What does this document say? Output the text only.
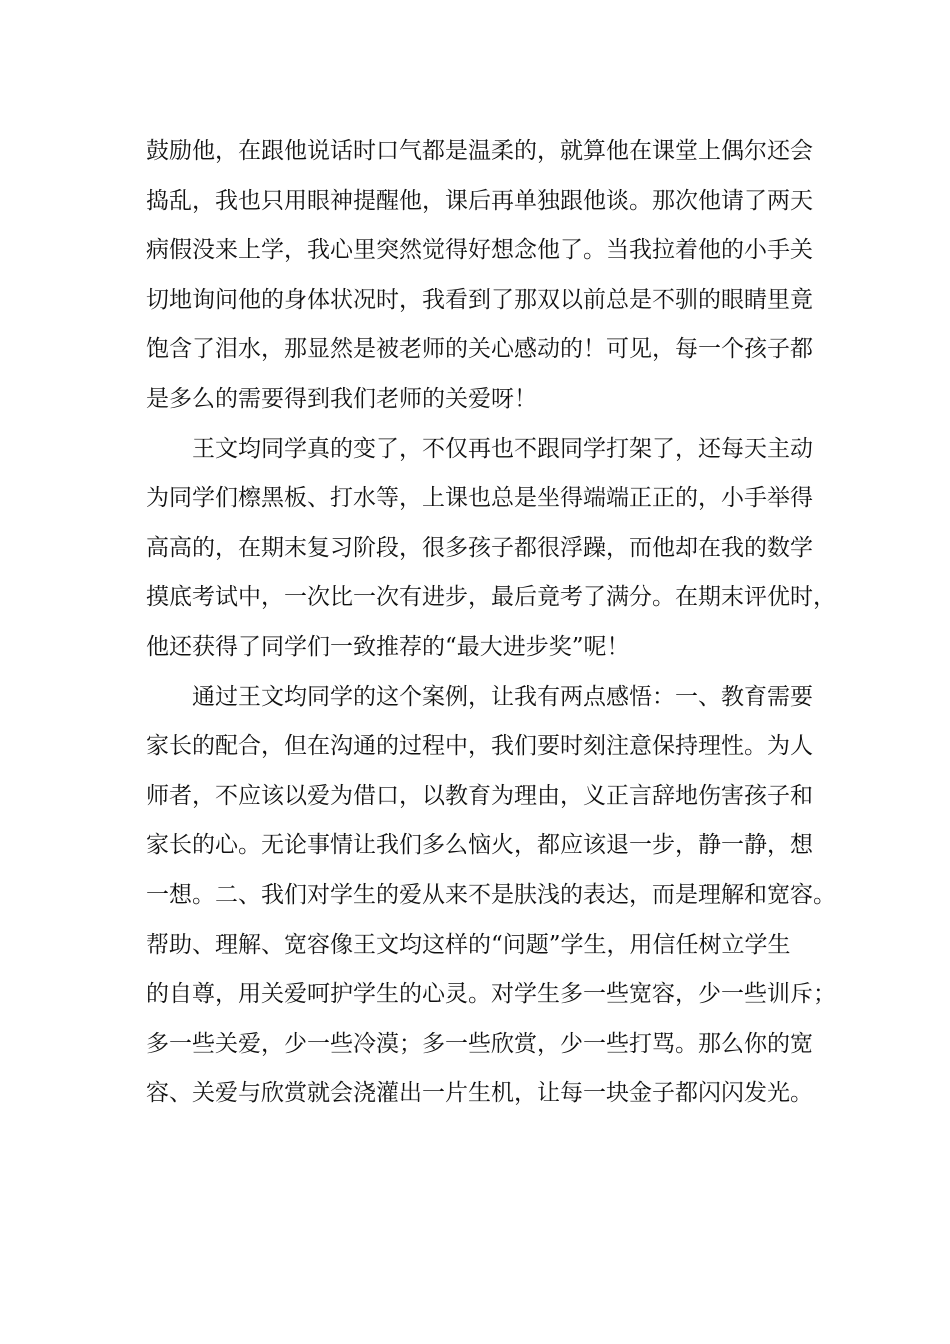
鼓励他，在跟他说话时口气都是温柔的，就算他在课堂上偶尔还会
捣乱，我也只用眼神提醒他，课后再单独跟他谈。那次他请了两天
病假没来上学，我心里突然觉得好想念他了。当我拉着他的小手关
切地询问他的身体状况时，我看到了那双以前总是不驯的眼睛里竟
饱含了泪水，那显然是被老师的关心感动的！可见，每一个孩子都
是多么的需要得到我们老师的关爱呀！
王文均同学真的变了，不仅再也不跟同学打架了，还每天主动
为同学们檫黑板、打水等，上课也总是坐得端端正正的，小手举得
高高的，在期末复习阶段，很多孩子都很浮躁，而他却在我的数学
摸底考试中，一次比一次有进步，最后竟考了满分。在期末评优时，
他还获得了同学们一致推荐的“最大进步奖”呢！
通过王文均同学的这个案例，让我有两点感悟：一、教育需要
家长的配合，但在沟通的过程中，我们要时刻注意保持理性。为人
师者，不应该以爱为借口，以教育为理由，义正言辞地伤害孩子和
家长的心。无论事情让我们多么恼火，都应该退一步，静一静，想
一想。二、我们对学生的爱从来不是肤浅的表达，而是理解和宽容。
帮助、理解、宽容像王文均这样的“问题”学生，用信任树立学生
的自尊，用关爱呵护学生的心灵。对学生多一些宽容，少一些训斥；
多一些关爱，少一些冷漠；多一些欣赏，少一些打骂。那么你的宽
容、关爱与欣赏就会浇灌出一片生机，让每一块金子都闪闪发光。
